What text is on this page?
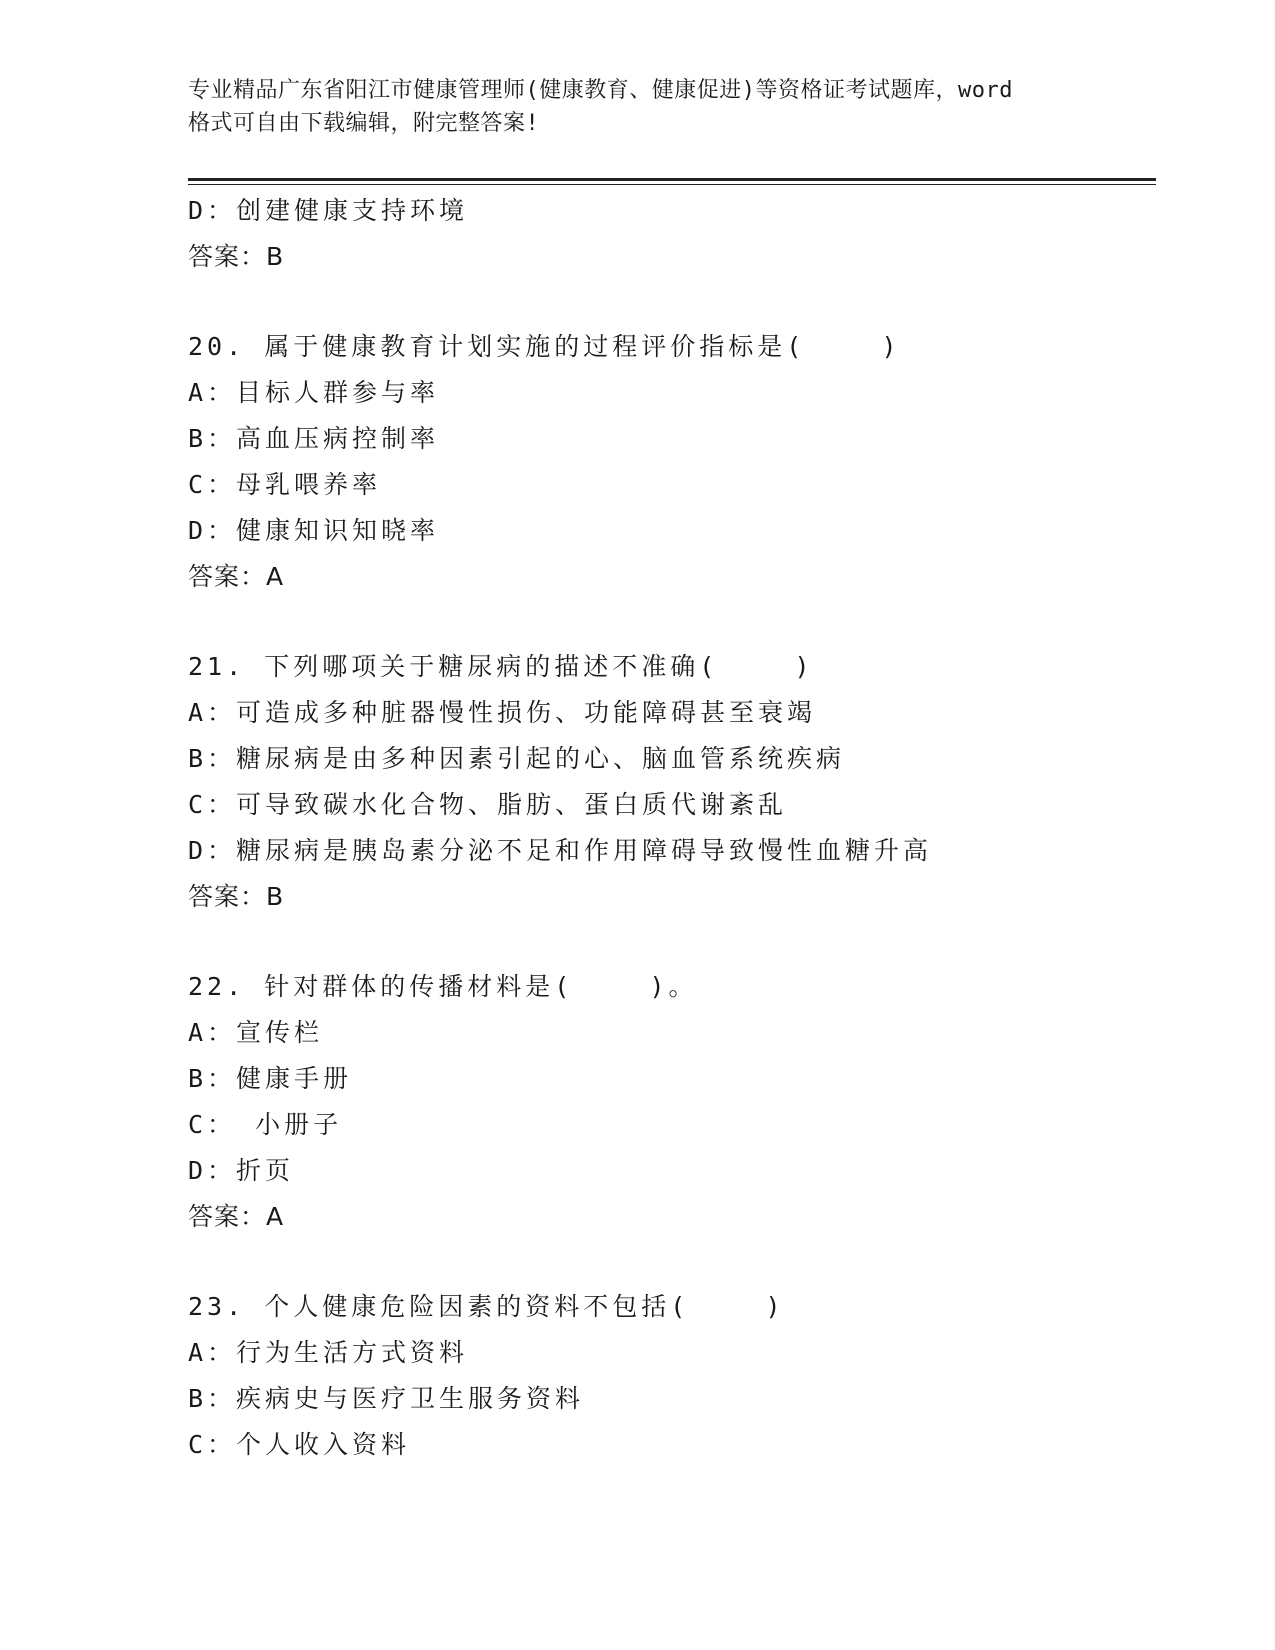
专业精品广东省阳江市健康管理师(健康教育、健康促进)等资格证考试题库，word
格式可自由下载编辑，附完整答案!
D：创建健康支持环境
答案：B
20. 属于健康教育计划实施的过程评价指标是(    )
A：目标人群参与率
B：高血压病控制率
C：母乳喂养率
D：健康知识知晓率
答案：A
21. 下列哪项关于糖尿病的描述不准确(    )
A：可造成多种脏器慢性损伤、功能障碍甚至衰竭
B：糖尿病是由多种因素引起的心、脑血管系统疾病
C：可导致碳水化合物、脂肪、蛋白质代谢紊乱
D：糖尿病是胰岛素分泌不足和作用障碍导致慢性血糖升高
答案：B
22. 针对群体的传播材料是(    )。
A：宣传栏
B：健康手册
C： 小册子
D：折页
答案：A
23. 个人健康危险因素的资料不包括(    )
A：行为生活方式资料
B：疾病史与医疗卫生服务资料
C：个人收入资料
